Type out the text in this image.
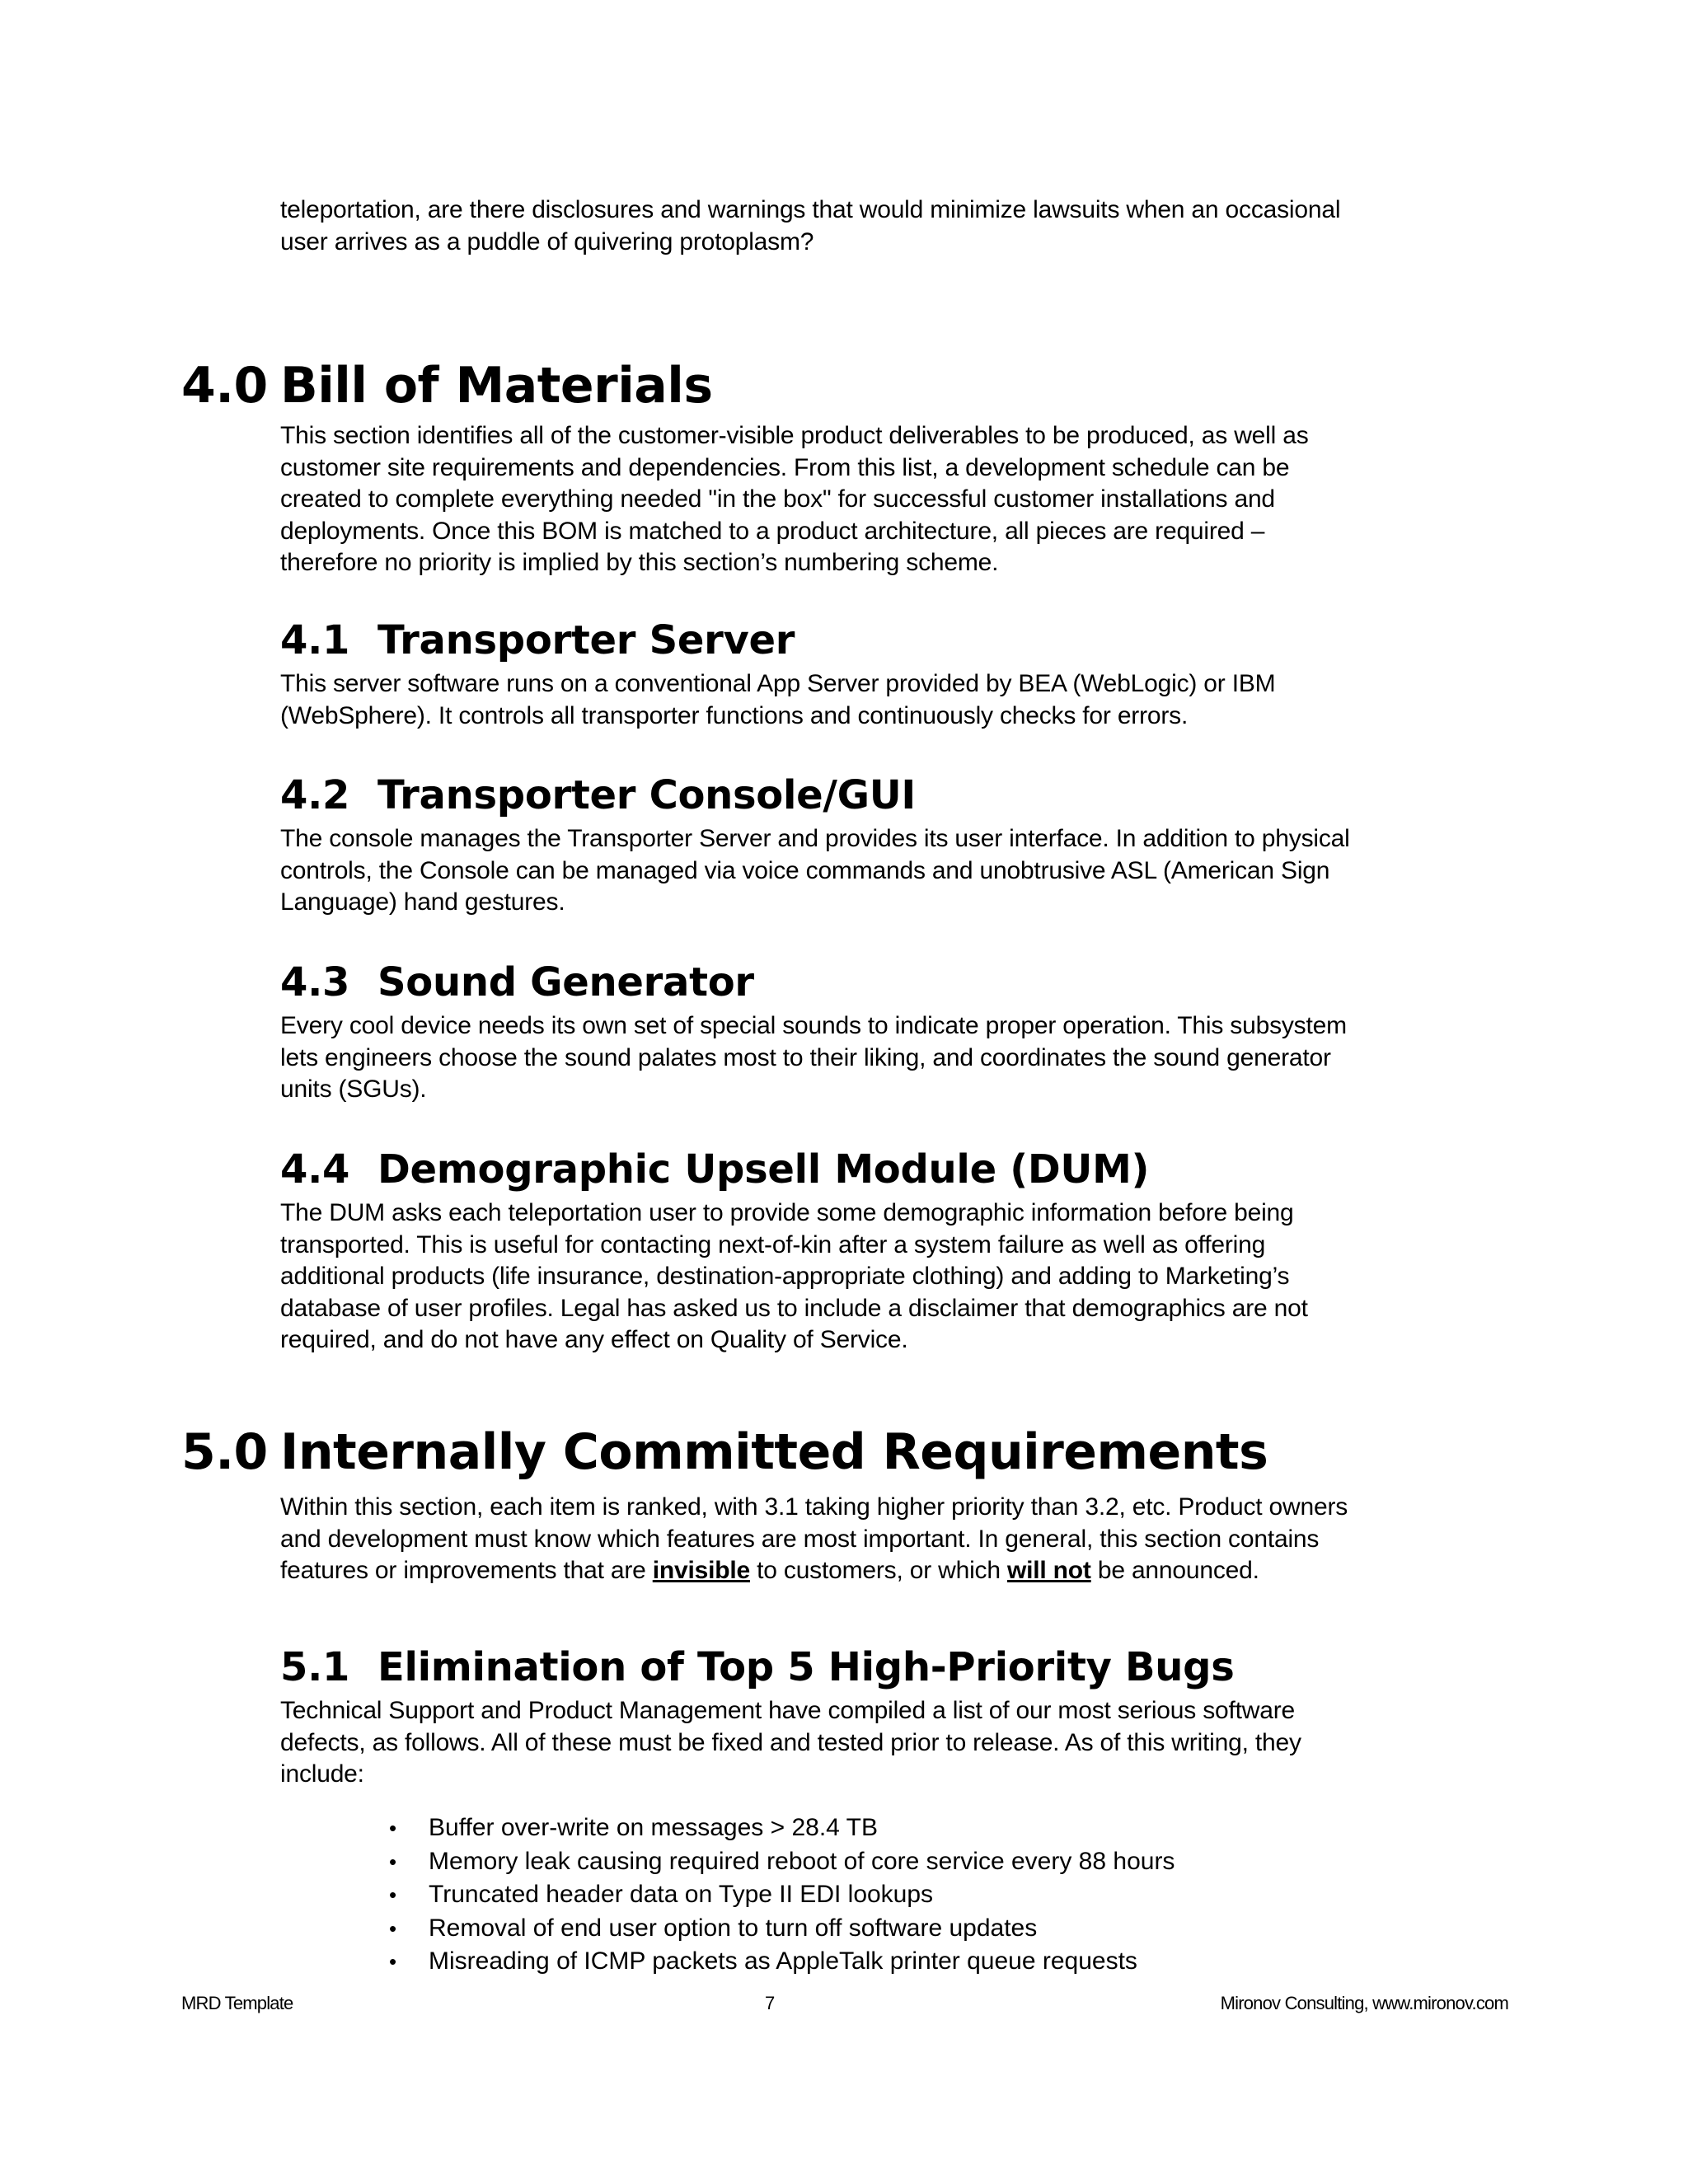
teleportation, are there disclosures and warnings that would minimize lawsuits when an occasional
user arrives as a puddle of quivering protoplasm?

4.0 Bill of Materials

This section identifies all of the customer-visible product deliverables to be produced, as well as
customer site requirements and dependencies. From this list, a development schedule can be
created to complete everything needed "in the box" for successful customer installations and
deployments. Once this BOM is matched to a product architecture, all pieces are required –
therefore no priority is implied by this section’s numbering scheme.

4.1 Transporter Server

This server software runs on a conventional App Server provided by BEA (WebLogic) or IBM
(WebSphere). It controls all transporter functions and continuously checks for errors.

4.2 Transporter Console/GUI

The console manages the Transporter Server and provides its user interface. In addition to physical
controls, the Console can be managed via voice commands and unobtrusive ASL (American Sign
Language) hand gestures.

4.3 Sound Generator

Every cool device needs its own set of special sounds to indicate proper operation. This subsystem
lets engineers choose the sound palates most to their liking, and coordinates the sound generator
units (SGUs).

4.4 Demographic Upsell Module (DUM)

The DUM asks each teleportation user to provide some demographic information before being
transported. This is useful for contacting next-of-kin after a system failure as well as offering
additional products (life insurance, destination-appropriate clothing) and adding to Marketing’s
database of user profiles. Legal has asked us to include a disclaimer that demographics are not
required, and do not have any effect on Quality of Service.

5.0 Internally Committed Requirements
Within this section, each item is ranked, with 3.1 taking higher priority than 3.2, etc. Product owners
and development must know which features are most important. In general, this section contains
features or improvements that are invisible to customers, or which will not be announced.
5.1 Elimination of Top 5 High-Priority Bugs

Technical Support and Product Management have compiled a list of our most serious software
defects, as follows. All of these must be fixed and tested prior to release. As of this writing, they
include:

• Buffer over-write on messages > 28.4 TB
• Memory leak causing required reboot of core service every 88 hours
• Truncated header data on Type II EDI lookups
• Removal of end user option to turn off software updates
• Misreading of ICMP packets as AppleTalk printer queue requests
MRD Template	7	Mironov Consulting, www.mironov.com
